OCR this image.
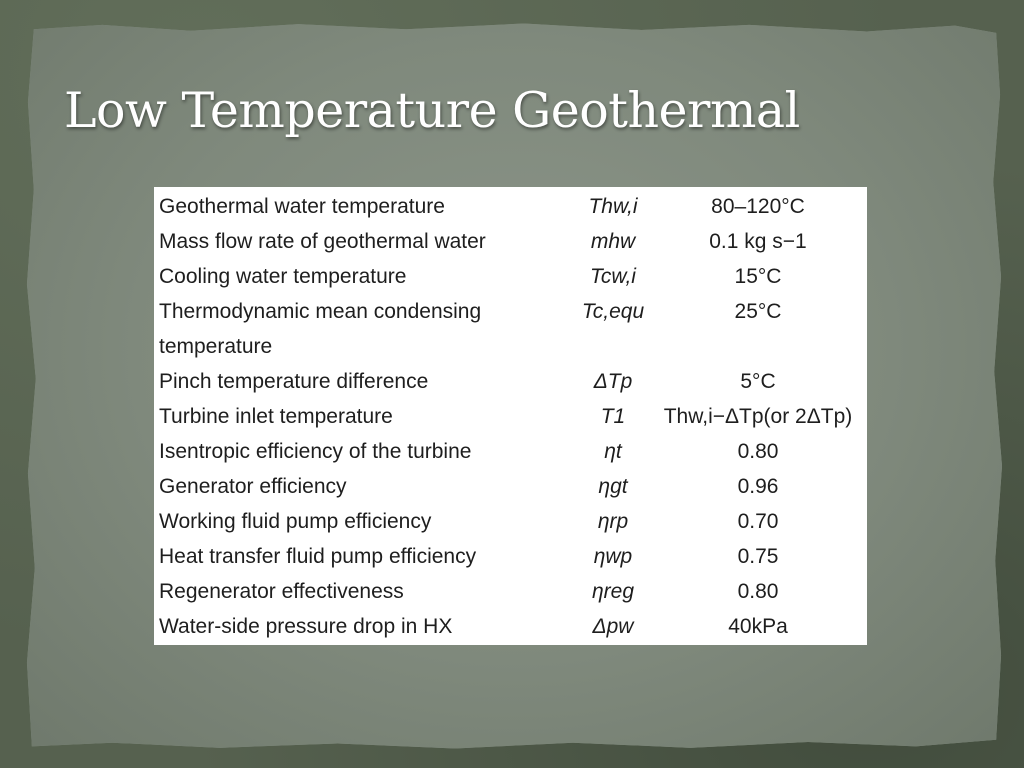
Low Temperature Geothermal
Geothermal water temperature	Thw,i	80–120°C
Mass flow rate of geothermal water	mhw	0.1 kg s−1
Cooling water temperature	Tcw,i	15°C
Thermodynamic mean condensing temperature	Tc,equ	25°C
Pinch temperature difference	ΔTp	5°C
Turbine inlet temperature	T1	Thw,i−ΔTp(or 2ΔTp)
Isentropic efficiency of the turbine	ηt	0.80
Generator efficiency	ηgt	0.96
Working fluid pump efficiency	ηrp	0.70
Heat transfer fluid pump efficiency	ηwp	0.75
Regenerator effectiveness	ηreg	0.80
Water-side pressure drop in HX	Δpw	40kPa
